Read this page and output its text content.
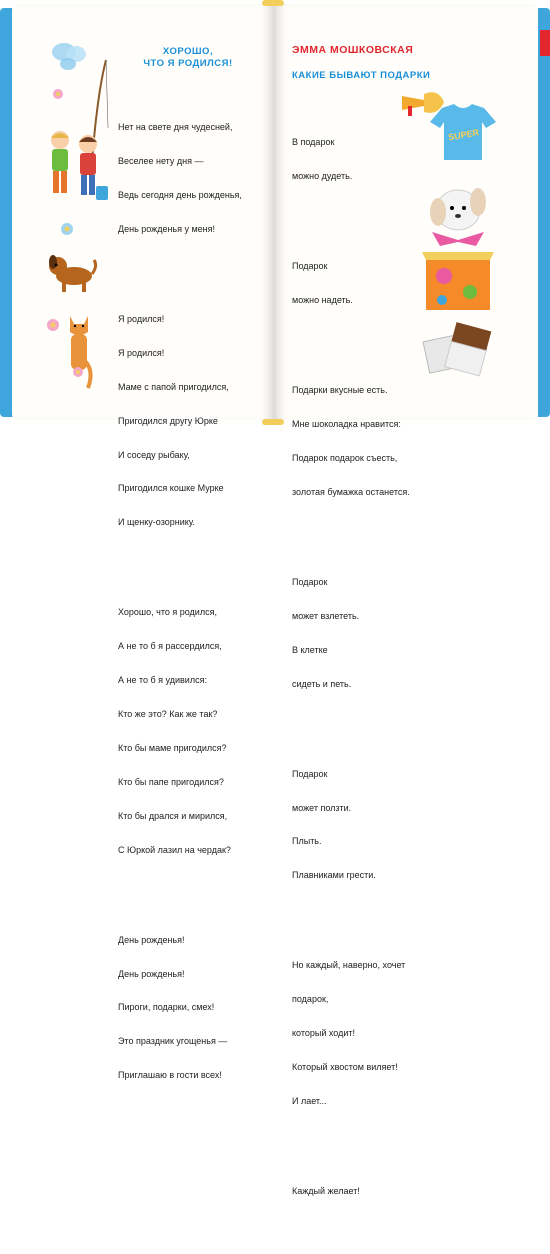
ХОРОШО,
ЧТО Я РОДИЛСЯ!

Нет на свете дня чудесней,

Веселее нету дня —

Ведь сегодня день рожденья,

День рожденья у меня!

Я родился!

Я родился!

Маме с папой пригодился,

Пригодился другу Юрке

И соседу рыбаку,

Пригодился кошке Мурке

И щенку-озорнику.

Хорошо, что я родился,

А не то б я рассердился,

А не то б я удивился:

Кто же это? Как же так?

Кто бы маме пригодился?

Кто бы папе пригодился?

Кто бы дрался и мирился,

С Юркой лазил на чердак?

День рожденья!

День рожденья!

Пироги, подарки, смех!

Это праздник угощенья —

Приглашаю в гости всех!

ЭММА МОШКОВСКАЯ
КАКИЕ БЫВАЮТ ПОДАРКИ

В подарок

можно дудеть.

Подарок

можно надеть.

Подарки вкусные есть.

Мне шоколадка нравится:

Подарок подарок съесть,

золотая бумажка останется.

Подарок

может взлететь.

В клетке

сидеть и петь.

Подарок

может ползти.

Плыть.

Плавниками грести.

Но каждый, наверно, хочет

подарок,

который ходит!

Который хвостом виляет!

И лает...

Каждый желает!

SUPER
